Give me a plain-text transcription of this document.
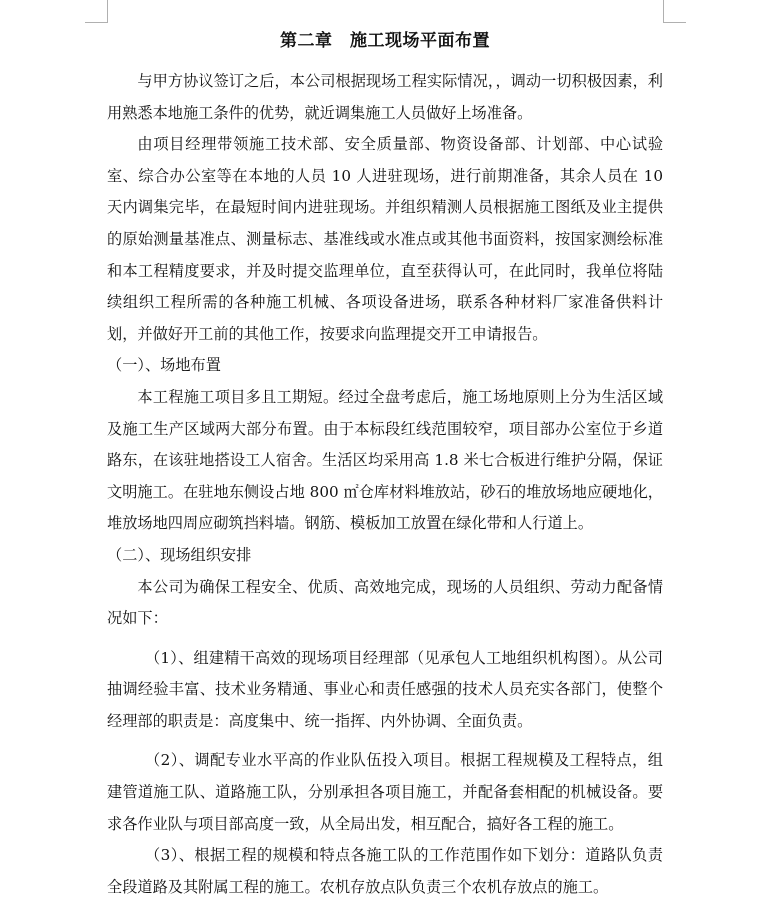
第二章　施工现场平面布置

与甲方协议签订之后，本公司根据现场工程实际情况，，调动一切积极因素，利用熟悉本地施工条件的优势，就近调集施工人员做好上场准备。

由项目经理带领施工技术部、安全质量部、物资设备部、计划部、中心试验室、综合办公室等在本地的人员 10 人进驻现场，进行前期准备，其余人员在 10 天内调集完毕，在最短时间内进驻现场。并组织精测人员根据施工图纸及业主提供的原始测量基准点、测量标志、基准线或水准点或其他书面资料，按国家测绘标准和本工程精度要求，并及时提交监理单位，直至获得认可，在此同时，我单位将陆续组织工程所需的各种施工机械、各项设备进场，联系各种材料厂家准备供料计划，并做好开工前的其他工作，按要求向监理提交开工申请报告。

（一）、场地布置

本工程施工项目多且工期短。经过全盘考虑后，施工场地原则上分为生活区域及施工生产区域两大部分布置。由于本标段红线范围较窄，项目部办公室位于乡道路东，在该驻地搭设工人宿舍。生活区均采用高 1.8 米七合板进行维护分隔，保证文明施工。在驻地东侧设占地 800 ㎡仓库材料堆放站，砂石的堆放场地应硬地化，堆放场地四周应砌筑挡料墙。钢筋、模板加工放置在绿化带和人行道上。

（二）、现场组织安排

本公司为确保工程安全、优质、高效地完成，现场的人员组织、劳动力配备情况如下：

（1）、组建精干高效的现场项目经理部（见承包人工地组织机构图）。从公司抽调经验丰富、技术业务精通、事业心和责任感强的技术人员充实各部门，使整个经理部的职责是：高度集中、统一指挥、内外协调、全面负责。

（2）、调配专业水平高的作业队伍投入项目。根据工程规模及工程特点，组建管道施工队、道路施工队，分别承担各项目施工，并配备套相配的机械设备。要求各作业队与项目部高度一致，从全局出发，相互配合，搞好各工程的施工。

（3）、根据工程的规模和特点各施工队的工作范围作如下划分：道路队负责全段道路及其附属工程的施工。农机存放点队负责三个农机存放点的施工。
